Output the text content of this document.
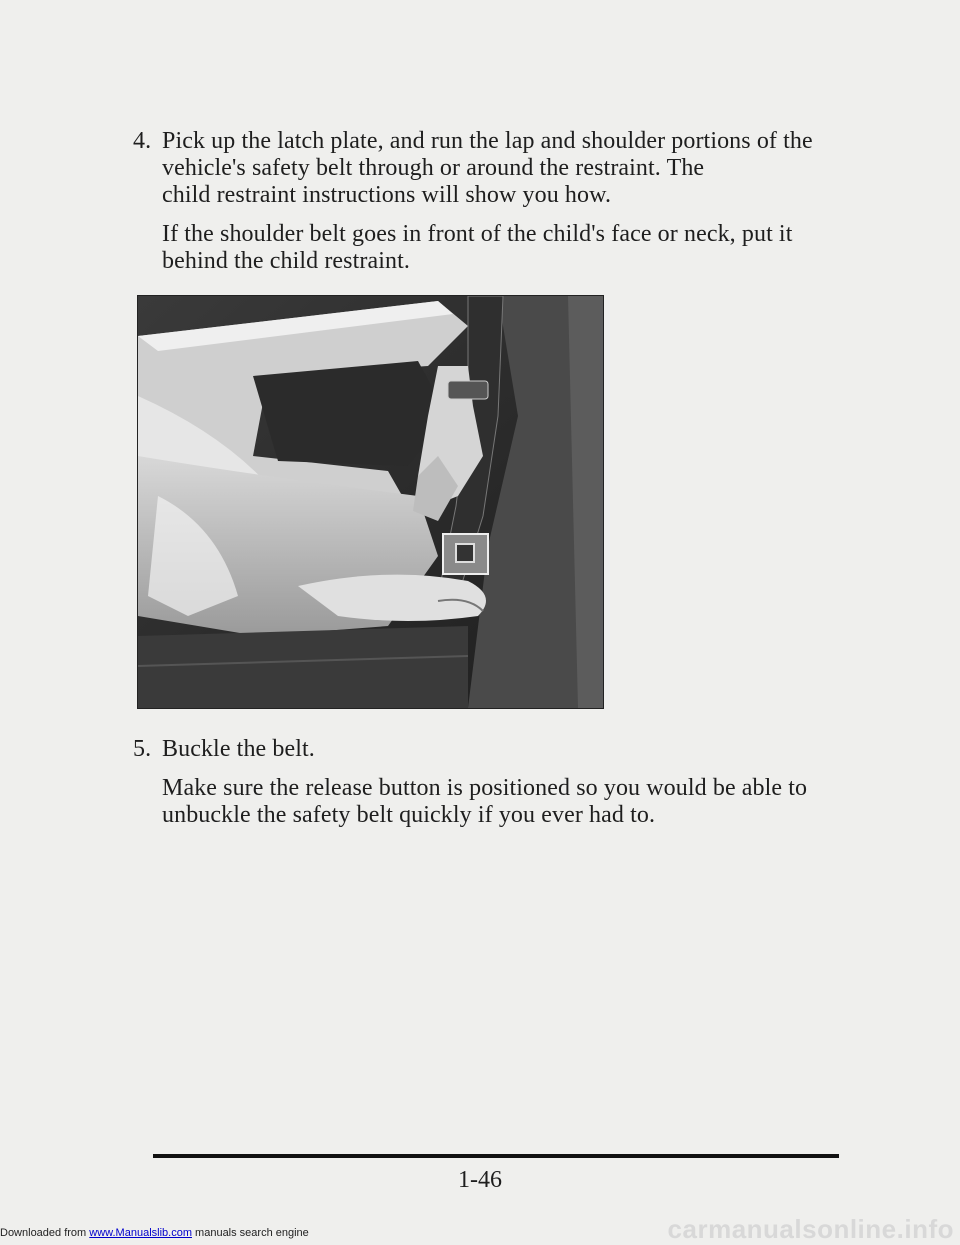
4. Pick up the latch plate, and run the lap and shoulder portions of the
vehicle's safety belt through or around the restraint. The
child restraint instructions will show you how.

If the shoulder belt goes in front of the child's face or neck, put it
behind the child restraint.

5. Buckle the belt.

Make sure the release button is positioned so you would be able to
unbuckle the safety belt quickly if you ever had to.

1-46
Downloaded from www.Manualslib.com manuals search engine	carmanualsonline.info
